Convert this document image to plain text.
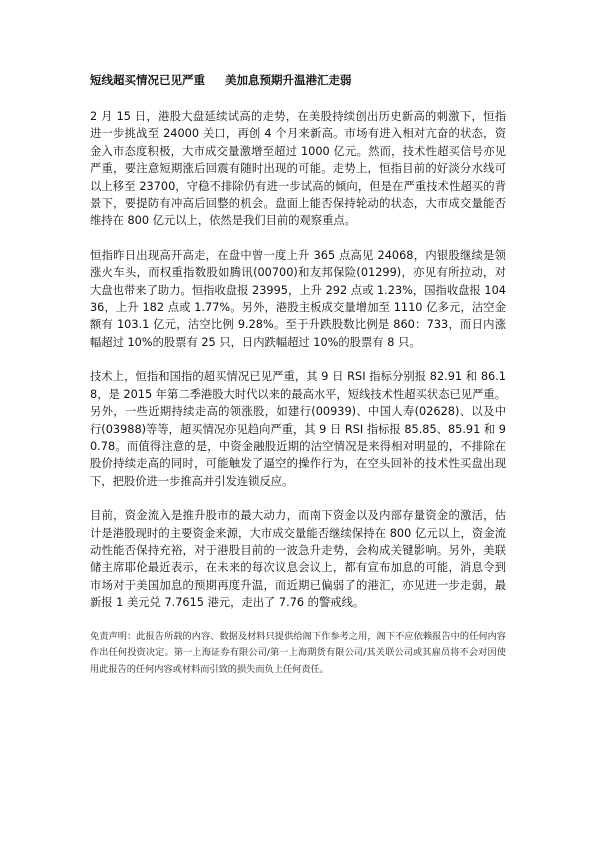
短线超买情况已见严重 美加息预期升温港汇走弱

2 月 15 日，港股大盘延续试高的走势，在美股持续创出历史新高的刺激下，恒指进一步挑战至 24000 关口，再创 4 个月来新高。市场有进入相对亢奋的状态，资金入市态度积极，大市成交量激增至超过 1000 亿元。然而，技术性超买信号亦见严重，要注意短期涨后回震有随时出现的可能。走势上，恒指目前的好淡分水线可以上移至 23700，守稳不排除仍有进一步试高的倾向，但是在严重技术性超买的背景下，要提防有冲高后回整的机会。盘面上能否保持轮动的状态，大市成交量能否维持在 800 亿元以上，依然是我们目前的观察重点。

恒指昨日出现高开高走，在盘中曾一度上升 365 点高见 24068，内银股继续是领涨火车头，而权重指数股如腾讯(00700)和友邦保险(01299)，亦见有所拉动，对大盘也带来了助力。恒指收盘报 23995，上升 292 点或 1.23%，国指收盘报 10436，上升 182 点或 1.77%。另外，港股主板成交量增加至 1110 亿多元，沽空金额有 103.1 亿元，沽空比例 9.28%。至于升跌股数比例是 860：733，而日内涨幅超过 10%的股票有 25 只，日内跌幅超过 10%的股票有 8 只。

技术上，恒指和国指的超买情况已见严重，其 9 日 RSI 指标分别报 82.91 和 86.18，是 2015 年第二季港股大时代以来的最高水平，短线技术性超买状态已见严重。另外，一些近期持续走高的领涨股，如建行(00939)、中国人寿(02628)、以及中行(03988)等等，超买情况亦见趋向严重，其 9 日 RSI 指标报 85.85、85.91 和 90.78。而值得注意的是，中资金融股近期的沽空情况是来得相对明显的，不排除在股价持续走高的同时，可能触发了逼空的操作行为，在空头回补的技术性买盘出现下，把股价进一步推高并引发连锁反应。

目前，资金流入是推升股市的最大动力，而南下资金以及内部存量资金的激活，估计是港股现时的主要资金来源，大市成交量能否继续保持在 800 亿元以上，资金流动性能否保持充裕，对于港股目前的一波急升走势，会构成关键影响。另外，美联储主席耶伦最近表示，在未来的每次议息会议上，都有宣布加息的可能，消息令到市场对于美国加息的预期再度升温，而近期已偏弱了的港汇，亦见进一步走弱，最新报 1 美元兑 7.7615 港元，走出了 7.76 的警戒线。

免责声明：此报告所载的内容、数据及材料只提供给阁下作参考之用，阁下不应依赖报告中的任何内容作出任何投资决定。第一上海证券有限公司/第一上海期货有限公司/其关联公司或其雇员将不会对因使用此报告的任何内容或材料而引致的损失而负上任何责任。
